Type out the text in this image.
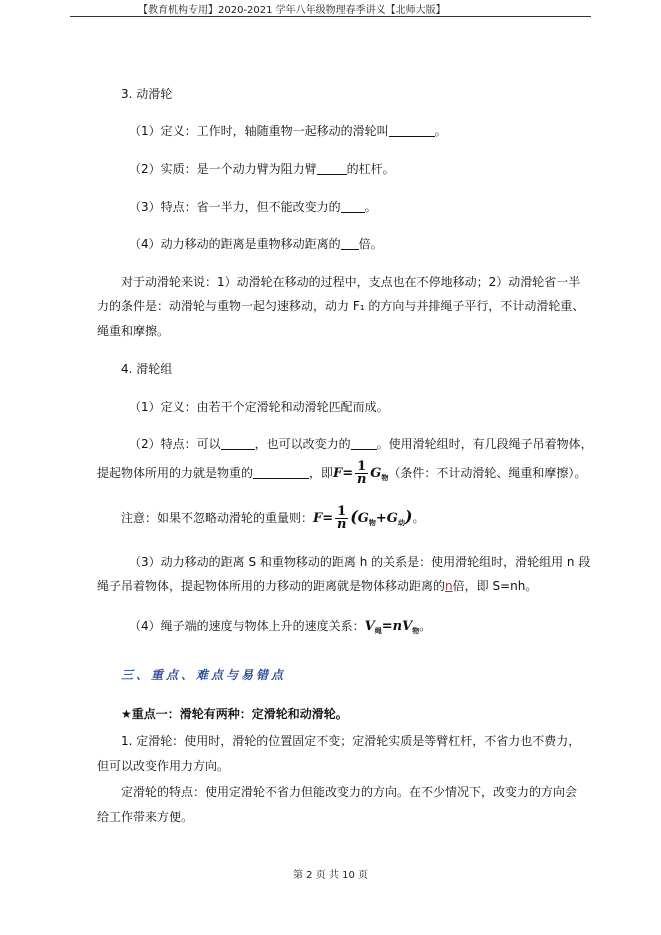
【教育机构专用】2020-2021 学年八年级物理春季讲义【北师大版】
3. 动滑轮
（1）定义：工作时，轴随重物一起移动的滑轮叫	。
（2）实质：是一个动力臂为阻力臂	的杠杆。
（3）特点：省一半力，但不能改变力的 。
（4）动力移动的距离是重物移动距离的 倍。
对于动滑轮来说：1）动滑轮在移动的过程中，支点也在不停地移动；2）动滑轮省一半
力的条件是：动滑轮与重物一起匀速移动，动力 F₁ 的方向与并排绳子平行，不计动滑轮重、
绳重和摩擦。
4. 滑轮组
（1）定义：由若干个定滑轮和动滑轮匹配而成。
（2）特点：可以	，也可以改变力的 。使用滑轮组时，有几段绳子吊着物体，
提起物体所用的力就是物重的	，即$F= \frac{1}{n} G_物$（条件：不计动滑轮、绳重和摩擦）。
注意：如果不忽略动滑轮的重量则：$F= \frac{1}{n} (G_物+G_动)$。
（3）动力移动的距离 S 和重物移动的距离 h 的关系是：使用滑轮组时，滑轮组用 n 段
绳子吊着物体，提起物体所用的力移动的距离就是物体移动距离的n倍，即 S=nh。
（4）绳子端的速度与物体上升的速度关系：$V_绳=nV_物$。
三、重点、难点与易错点
★重点一：滑轮有两种：定滑轮和动滑轮。
1. 定滑轮：使用时，滑轮的位置固定不变；定滑轮实质是等臂杠杆，不省力也不费力，
但可以改变作用力方向。
定滑轮的特点：使用定滑轮不省力但能改变力的方向。在不少情况下，改变力的方向会
给工作带来方便。
第 2 页 共 10 页
